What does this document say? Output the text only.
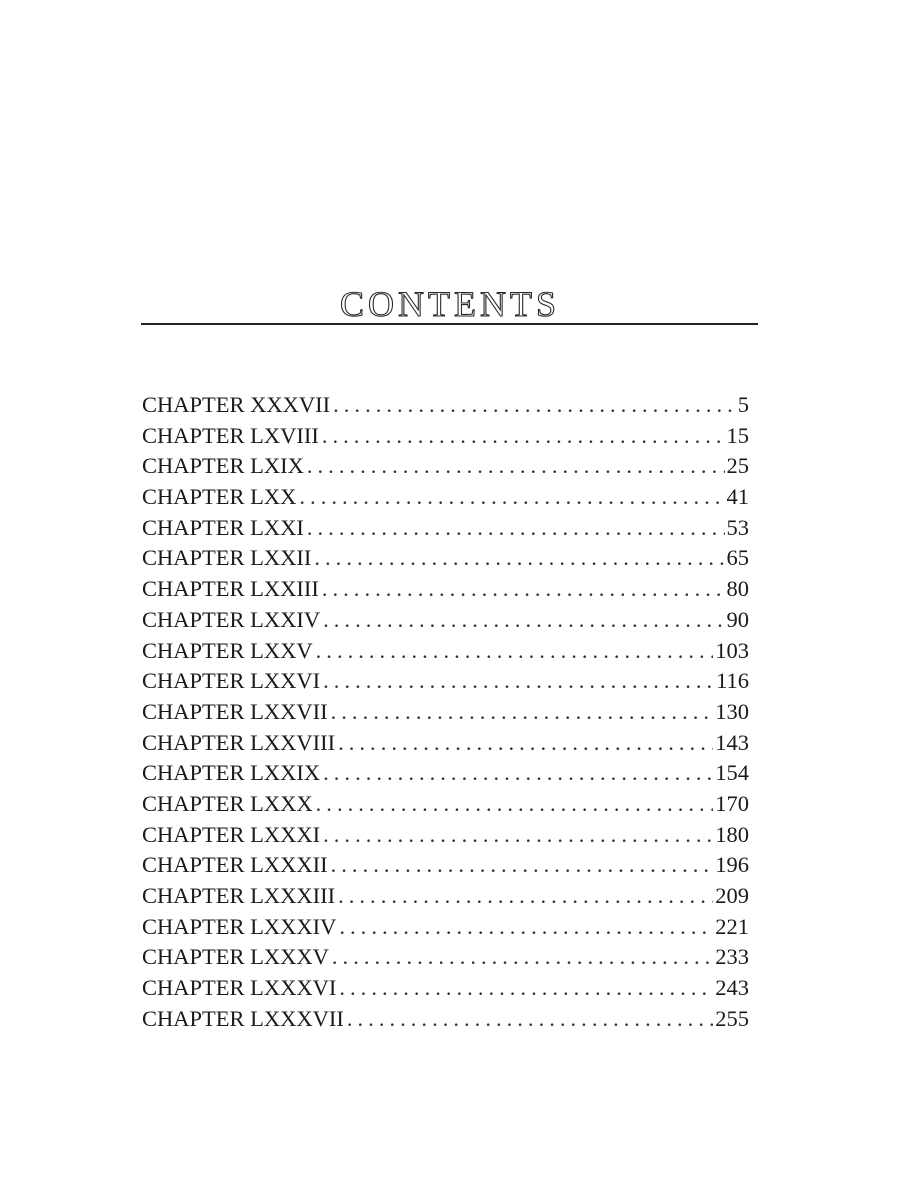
CONTENTS
CHAPTER XXXVII . . .	5
CHAPTER LXVIII . . .	15
CHAPTER LXIX . . .	25
CHAPTER LXX . . .	41
CHAPTER LXXI . . .	53
CHAPTER LXXII . . .	65
CHAPTER LXXIII . . .	80
CHAPTER LXXIV . . .	90
CHAPTER LXXV . . .	103
CHAPTER LXXVI . . .	116
CHAPTER LXXVII . . .	130
CHAPTER LXXVIII . . .	143
CHAPTER LXXIX . . .	154
CHAPTER LXXX . . .	170
CHAPTER LXXXI . . .	180
CHAPTER LXXXII . . .	196
CHAPTER LXXXIII . . .	209
CHAPTER LXXXIV . . .	221
CHAPTER LXXXV . . .	233
CHAPTER LXXXVI . . .	243
CHAPTER LXXXVII . . .	255
